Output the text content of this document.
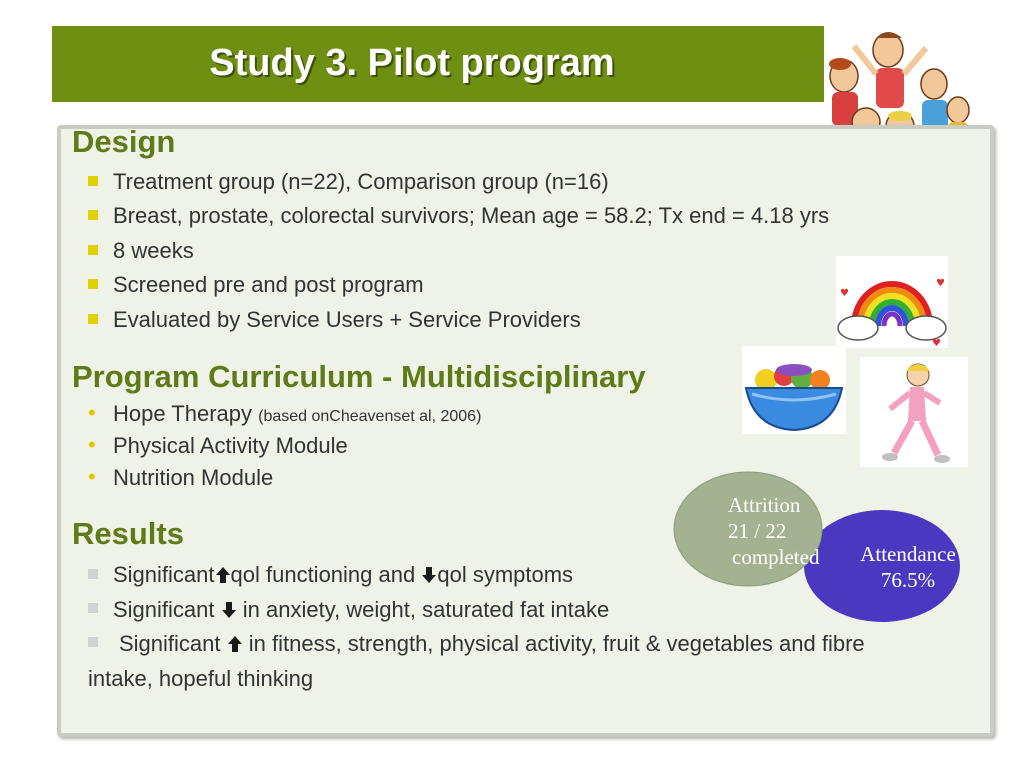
Study 3. Pilot program
Design
Treatment group (n=22), Comparison group (n=16)
Breast, prostate, colorectal survivors; Mean age = 58.2; Tx end = 4.18 yrs
8 weeks
Screened pre and post program
Evaluated by Service Users + Service Providers
♥
♥
♥
Program Curriculum - Multidisciplinary
• Hope Therapy (based onCheavenset al, 2006)
• Physical Activity Module
• Nutrition Module
Results
Significant qol functioning and qol symptoms
Significant in anxiety, weight, saturated fat intake
Significant in fitness, strength, physical activity, fruit & vegetables and fibre
intake, hopeful thinking
Attendance
76.5%
Attrition
21 / 22
completed
